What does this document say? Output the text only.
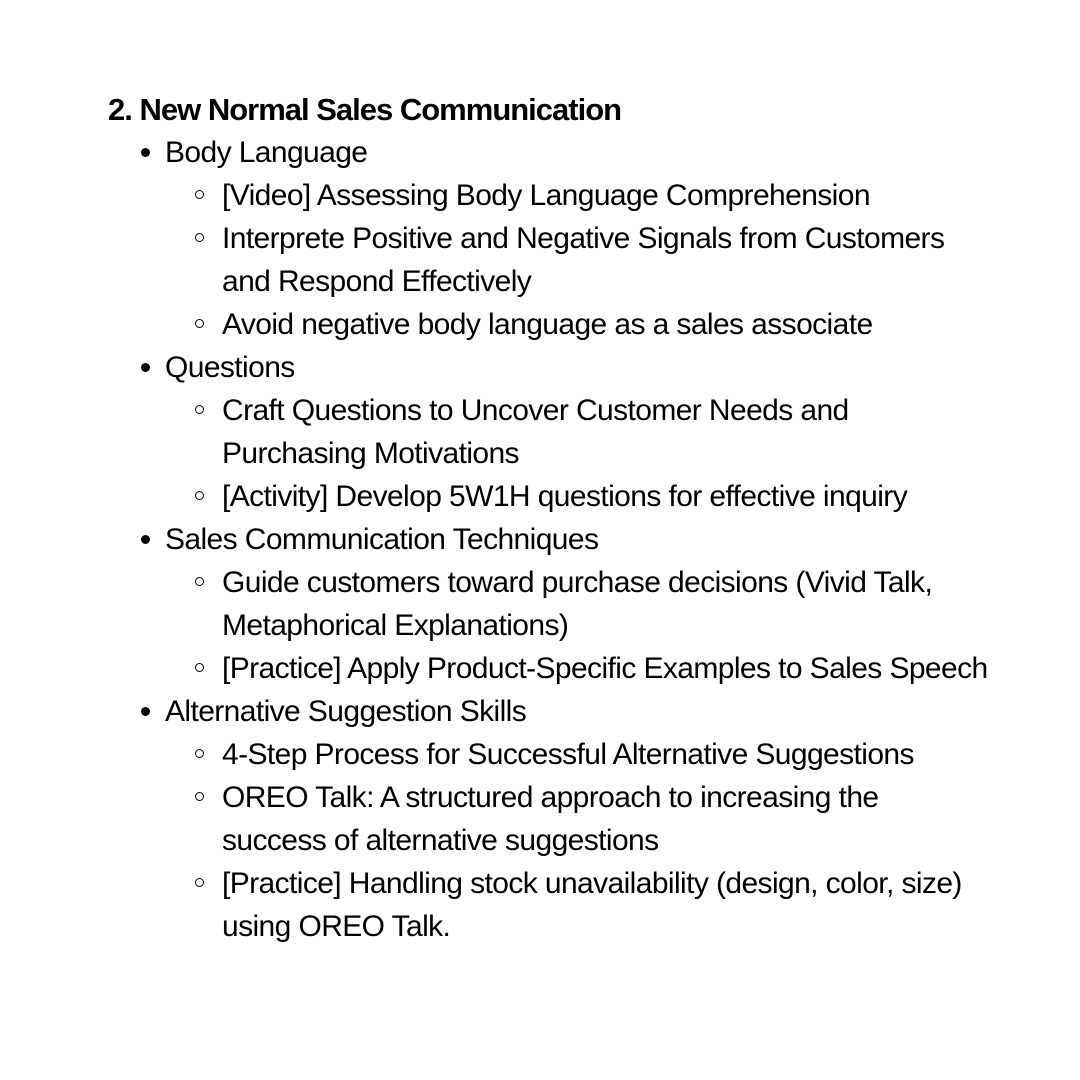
2. New Normal Sales Communication
Body Language
[Video] Assessing Body Language Comprehension
Interprete Positive and Negative Signals from Customers and Respond Effectively
Avoid negative body language as a sales associate
Questions
Craft Questions to Uncover Customer Needs and Purchasing Motivations
[Activity] Develop 5W1H questions for effective inquiry
Sales Communication Techniques
Guide customers toward purchase decisions (Vivid Talk, Metaphorical Explanations)
[Practice] Apply Product-Specific Examples to Sales Speech
Alternative Suggestion Skills
4-Step Process for Successful Alternative Suggestions
OREO Talk: A structured approach to increasing the success of alternative suggestions
[Practice] Handling stock unavailability (design, color, size) using OREO Talk.
